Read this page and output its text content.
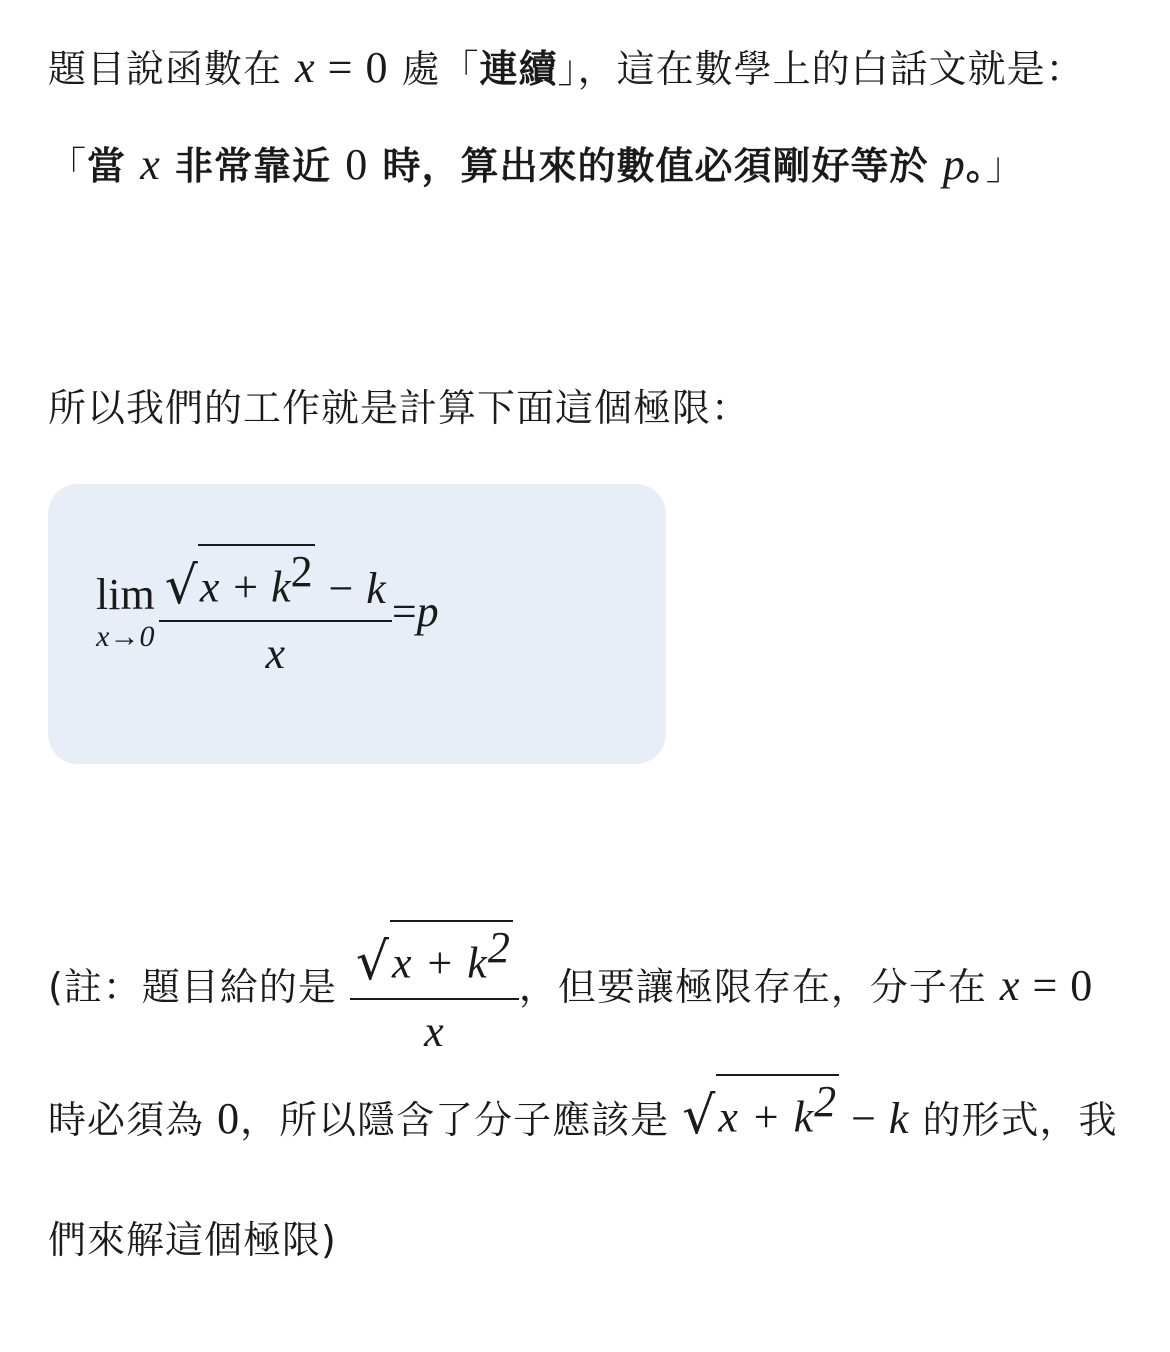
題目說函數在 x = 0 處「連續」，這在數學上的白話文就是：「當 x 非常靠近 0 時，算出來的數值必須剛好等於 p。」
所以我們的工作就是計算下面這個極限：
lim
$x\to 0 \frac{√ x + k^2 - k}{x} = p$
(註：題目給的是 $\frac{√ x + k^2}{x}$ ，但要讓極限存在，分子在 x = 0 時必須為 0，所以隱含了分子應該是 √ $x + k^2 - k$ 的形式，我們來解這個極限)
